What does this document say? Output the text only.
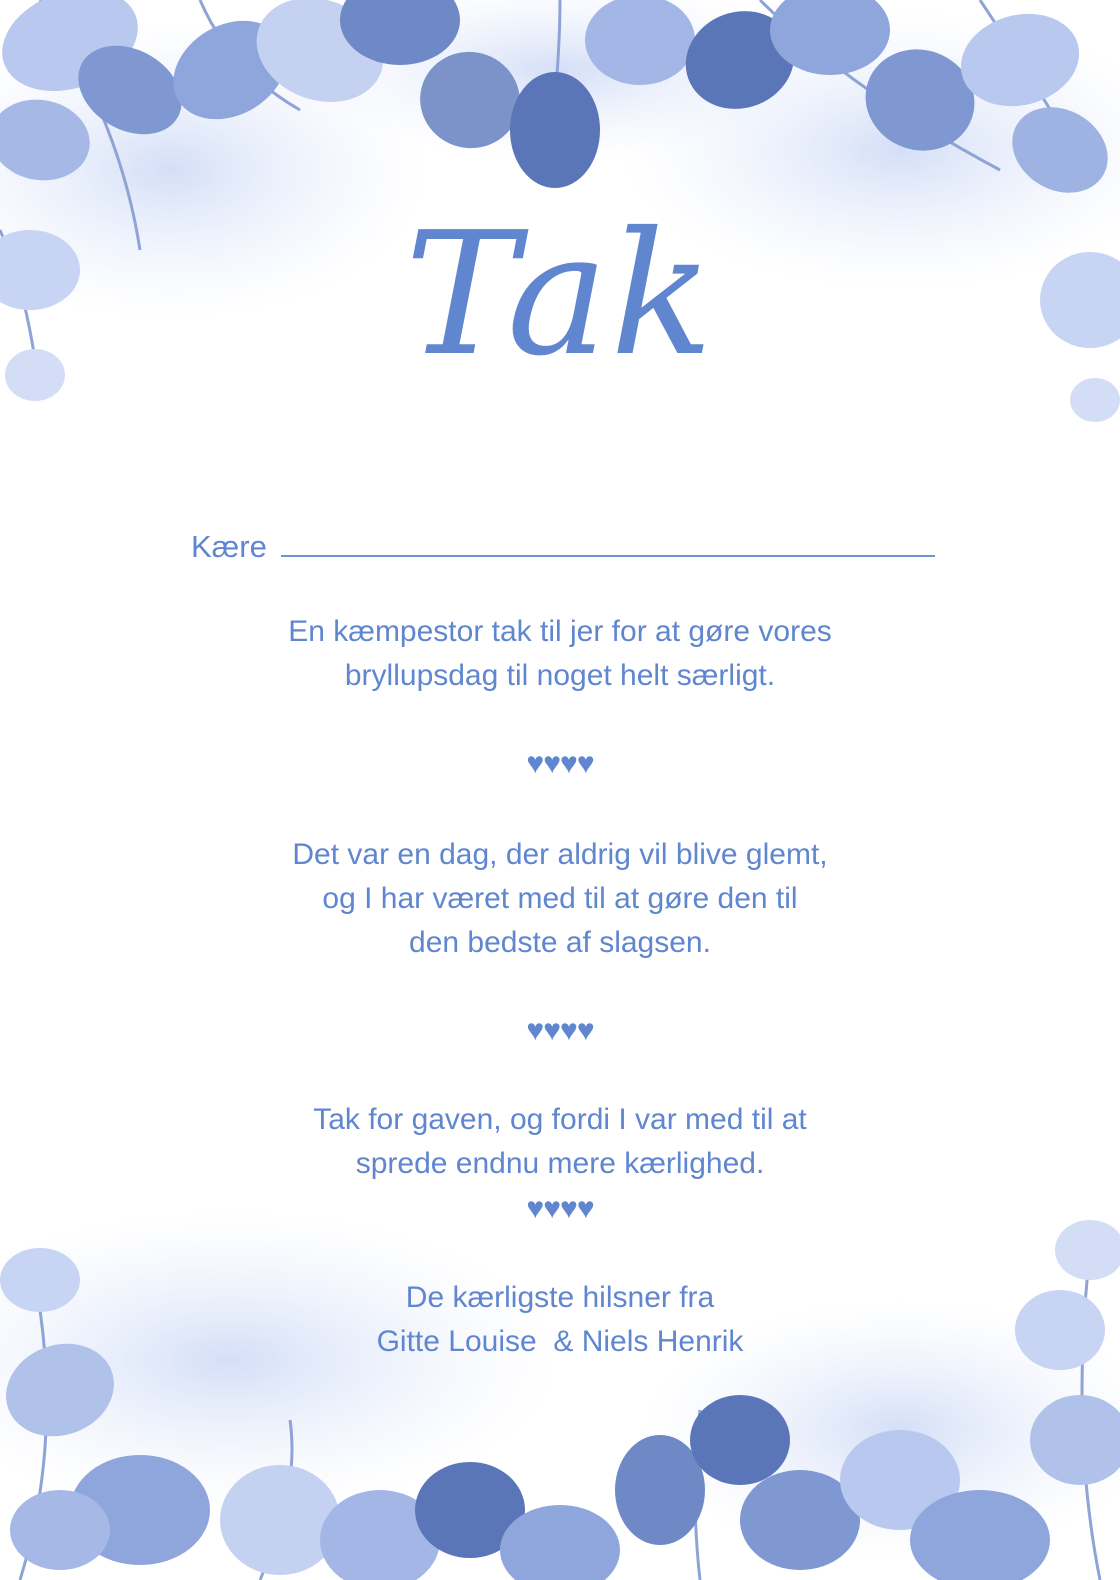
Tak
Kære
En kæmpestor tak til jer for at gøre vores
bryllupsdag til noget helt særligt.
♥♥♥♥
Det var en dag, der aldrig vil blive glemt,
og I har været med til at gøre den til
den bedste af slagsen.
♥♥♥♥
Tak for gaven, og fordi I var med til at
sprede endnu mere kærlighed.
♥♥♥♥
De kærligste hilsner fra
Gitte Louise  & Niels Henrik
